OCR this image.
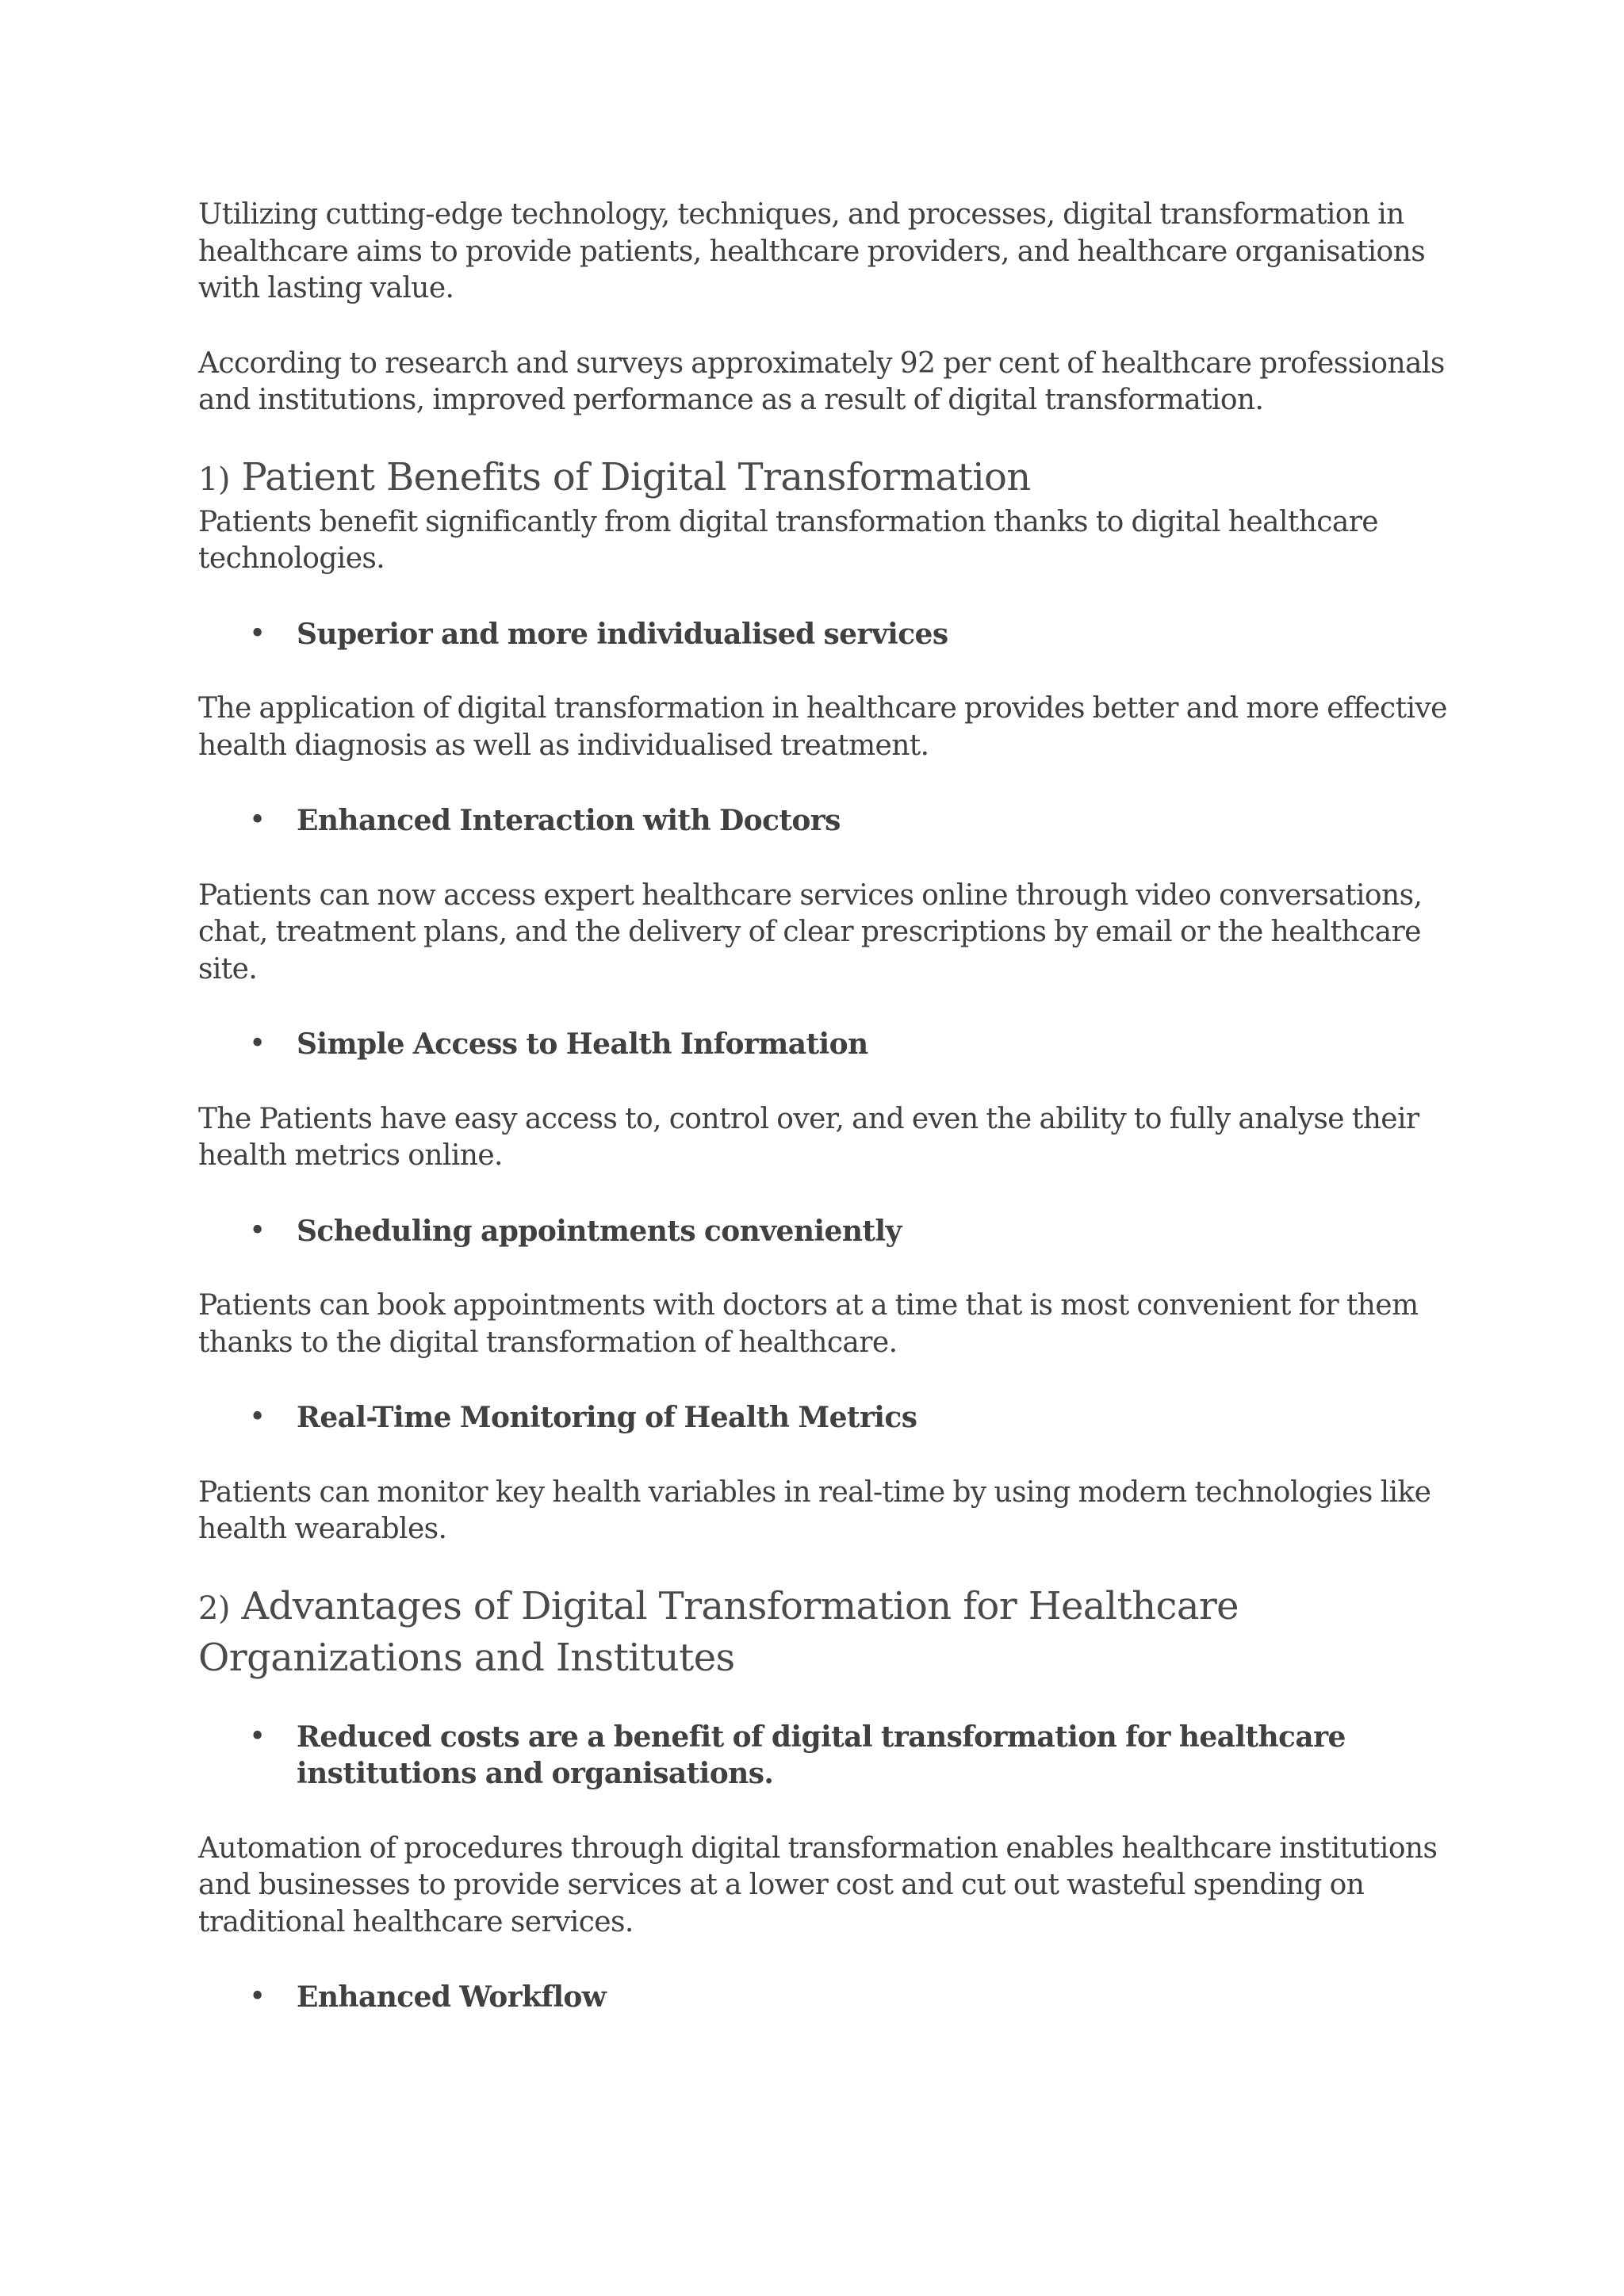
Utilizing cutting-edge technology, techniques, and processes, digital transformation in healthcare aims to provide patients, healthcare providers, and healthcare organisations with lasting value.

According to research and surveys approximately 92 per cent of healthcare professionals and institutions, improved performance as a result of digital transformation.

1) Patient Benefits of Digital Transformation

Patients benefit significantly from digital transformation thanks to digital healthcare technologies.

• Superior and more individualised services

The application of digital transformation in healthcare provides better and more effective health diagnosis as well as individualised treatment.

• Enhanced Interaction with Doctors

Patients can now access expert healthcare services online through video conversations, chat, treatment plans, and the delivery of clear prescriptions by email or the healthcare site.

• Simple Access to Health Information

The Patients have easy access to, control over, and even the ability to fully analyse their health metrics online.

• Scheduling appointments conveniently

Patients can book appointments with doctors at a time that is most convenient for them thanks to the digital transformation of healthcare.

• Real-Time Monitoring of Health Metrics

Patients can monitor key health variables in real-time by using modern technologies like health wearables.

2) Advantages of Digital Transformation for Healthcare Organizations and Institutes
• Reduced costs are a benefit of digital transformation for healthcare institutions and organisations.

Automation of procedures through digital transformation enables healthcare institutions and businesses to provide services at a lower cost and cut out wasteful spending on traditional healthcare services.

• Enhanced Workflow
